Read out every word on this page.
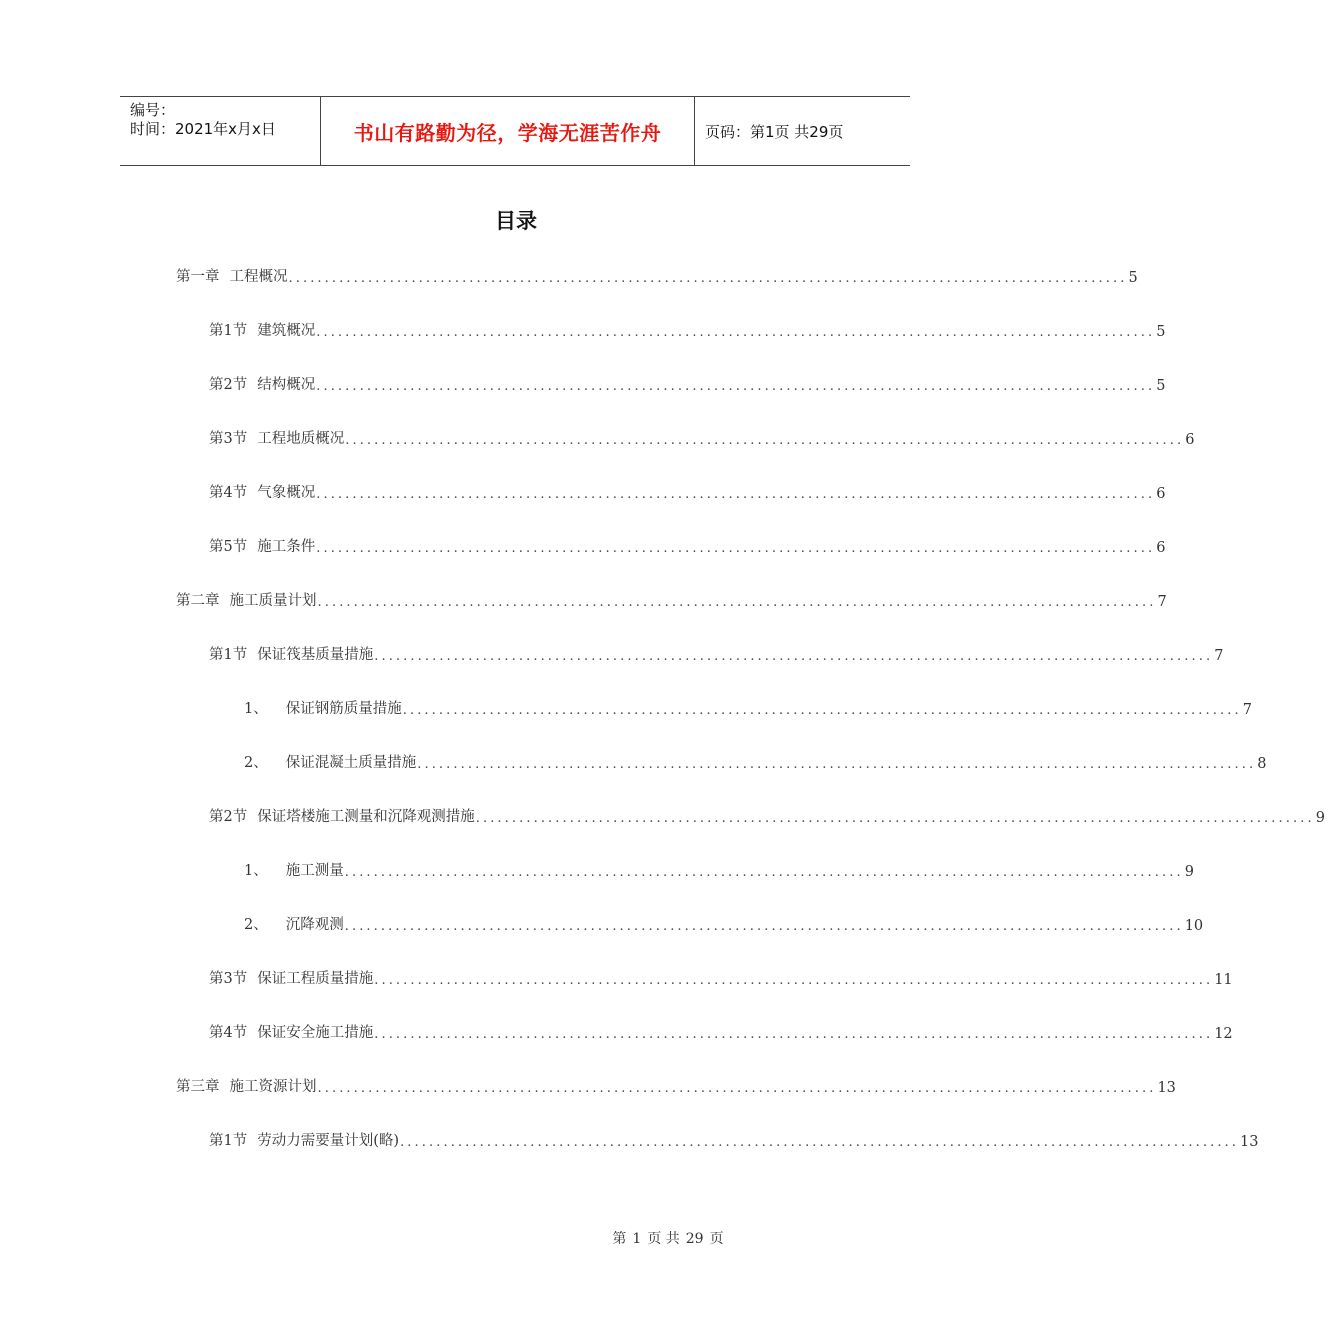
编号：
时间：2021年x月x日	书山有路勤为径，学海无涯苦作舟	页码：第1页 共29页
目录
第一章 工程概况 .................................................................................................................... 5
第1节 建筑概况 .................................................................................................................... 5
第2节 结构概况 .................................................................................................................... 5
第3节 工程地质概况 .................................................................................................................... 6
第4节 气象概况 .................................................................................................................... 6
第5节 施工条件 .................................................................................................................... 6
第二章 施工质量计划 .................................................................................................................... 7
第1节 保证筏基质量措施 .................................................................................................................... 7
1、 保证钢筋质量措施 .................................................................................................................... 7
2、 保证混凝土质量措施 .................................................................................................................... 8
第2节 保证塔楼施工测量和沉降观测措施 .................................................................................................................... 9
1、 施工测量 .................................................................................................................... 9
2、 沉降观测 .................................................................................................................... 10
第3节 保证工程质量措施 .................................................................................................................... 11
第4节 保证安全施工措施 .................................................................................................................... 12
第三章 施工资源计划 .................................................................................................................... 13
第1节 劳动力需要量计划(略) .................................................................................................................... 13
第 1 页 共 29 页
